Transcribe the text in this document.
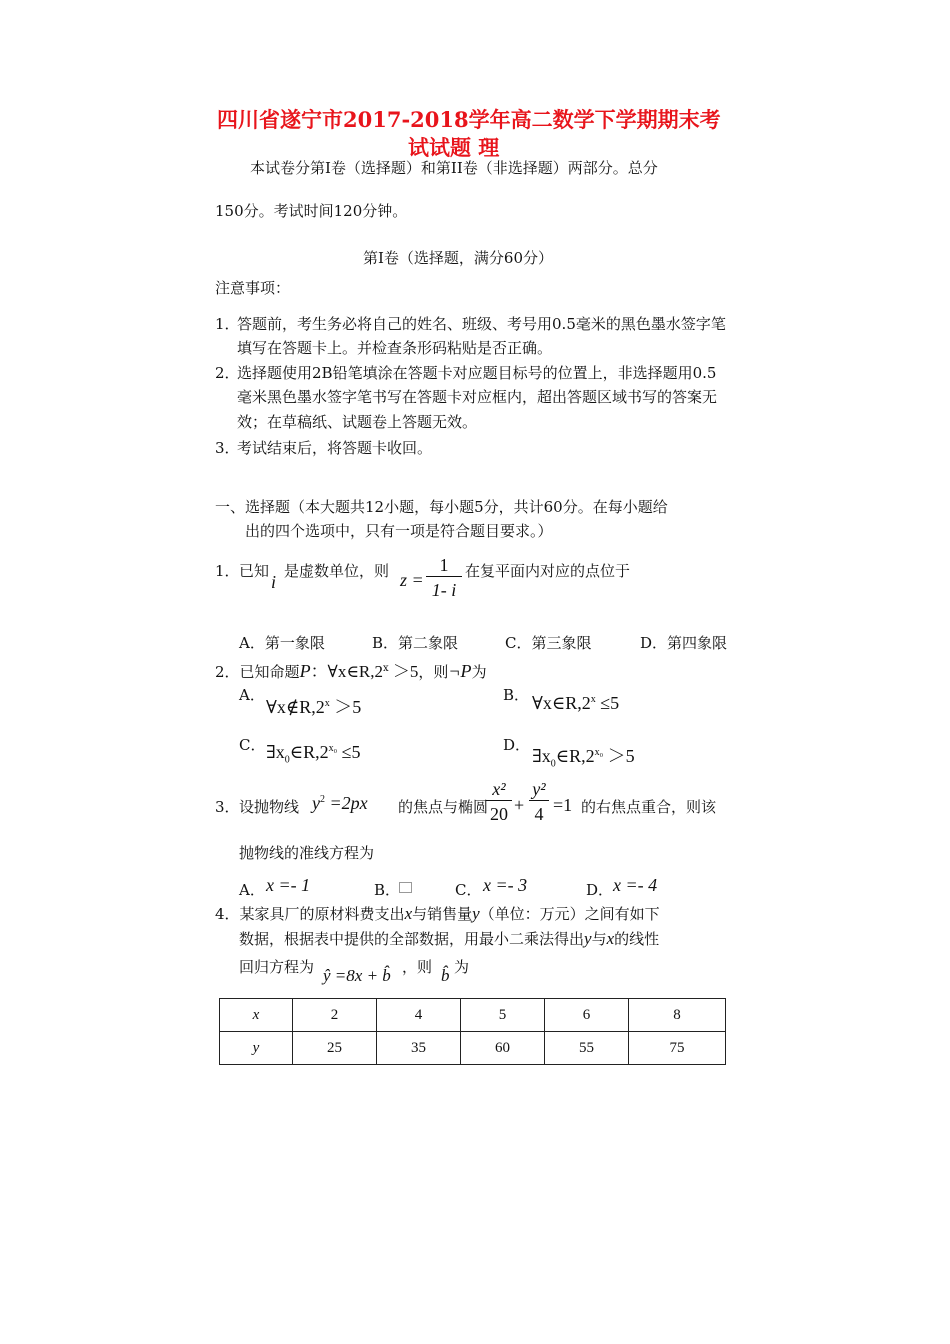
四川省遂宁市2017-2018学年高二数学下学期期末考
试试题 理
本试卷分第Ⅰ卷（选择题）和第II卷（非选择题）两部分。总分
150分。考试时间120分钟。
第Ⅰ卷（选择题，满分60分）
注意事项：
1．
答题前，考生务必将自己的姓名、班级、考号用0.5毫米的黑色墨水签字笔
填写在答题卡上。并检查条形码粘贴是否正确。
2．
选择题使用2B铅笔填涂在答题卡对应题目标号的位置上，非选择题用0.5
毫米黑色墨水签字笔书写在答题卡对应框内，超出答题区域书写的答案无
效；在草稿纸、试题卷上答题无效。
3．
考试结束后，将答题卡收回。
一、选择题（本大题共12小题，每小题5分，共计60分。在每小题给
出的四个选项中，只有一项是符合题目要求。）
1． 已知
i
是虚数单位，则 $z = \frac{1}{1- i}$ 在复平面内对应的点位于
A．第一象限	B．第二象限	C．第三象限	D．第四象限
2．已知命题P：$\forall x\in R,2^x >5$，则¬P为
A．
$\forall x\notin R,2^x >5$
B． $\forall x\in R,2^x \le 5$
C． $\exists x_0\in R,2^{x_0} \le 5$	D．
$\exists x_0\in R,2^{x_0} >5$
3． 设抛物线 $y^2 =2px$ 的焦点与椭圆
$\frac{\text{x²}}{20} + \frac{\text{y²}}{4} =1$ 的右焦点重合，则该
抛物线的准线方程为
A． x =- 1	B．	C． x =- 3	D． x =- 4
4．某家具厂的原材料费支出x与销售量y（单位：万元）之间有如下
数据，根据表中提供的全部数据，用最小二乘法得出y与x的线性
回归方程为 ŷ =8x + b̂ ，则 b̂ 为
x	2	4	5	6	8
y	25	35	60	55	75
